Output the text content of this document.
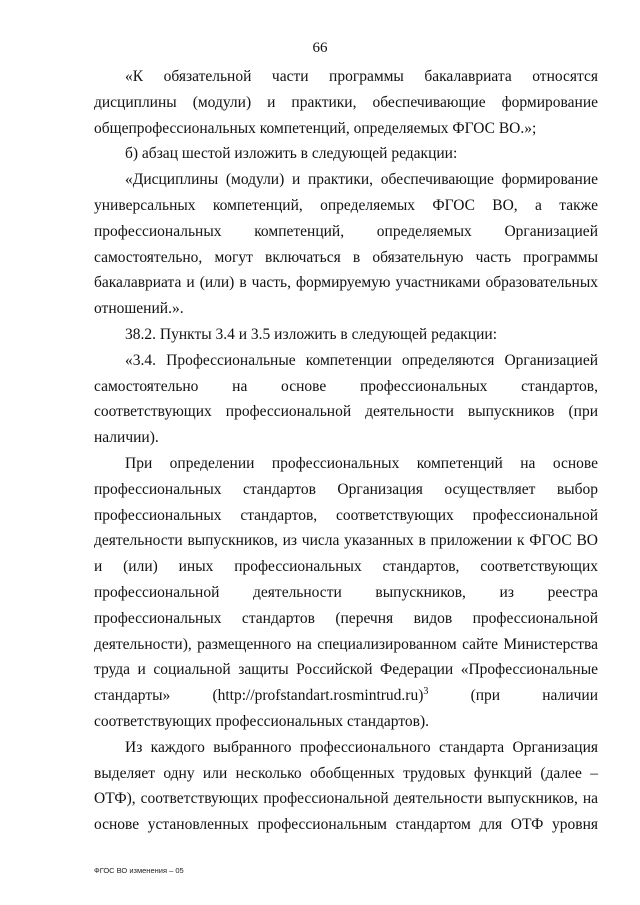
66

«К обязательной части программы бакалавриата относятся дисциплины (модули) и практики, обеспечивающие формирование общепрофессиональных компетенций, определяемых ФГОС ВО.»;

б) абзац шестой изложить в следующей редакции:

«Дисциплины (модули) и практики, обеспечивающие формирование универсальных компетенций, определяемых ФГОС ВО, а также профессиональных компетенций, определяемых Организацией самостоятельно, могут включаться в обязательную часть программы бакалавриата и (или) в часть, формируемую участниками образовательных отношений.».

38.2. Пункты 3.4 и 3.5 изложить в следующей редакции:

«3.4. Профессиональные компетенции определяются Организацией самостоятельно на основе профессиональных стандартов, соответствующих профессиональной деятельности выпускников (при наличии).

При определении профессиональных компетенций на основе профессиональных стандартов Организация осуществляет выбор профессиональных стандартов, соответствующих профессиональной деятельности выпускников, из числа указанных в приложении к ФГОС ВО и (или) иных профессиональных стандартов, соответствующих профессиональной деятельности выпускников, из реестра профессиональных стандартов (перечня видов профессиональной деятельности), размещенного на специализированном сайте Министерства труда и социальной защиты Российской Федерации «Профессиональные стандарты» (http://profstandart.rosmintrud.ru)$^3$ (при наличии соответствующих профессиональных стандартов).

Из каждого выбранного профессионального стандарта Организация выделяет одну или несколько обобщенных трудовых функций (далее – ОТФ), соответствующих профессиональной деятельности выпускников, на основе установленных профессиональным стандартом для ОТФ уровня

ФГОС ВО изменения – 05
